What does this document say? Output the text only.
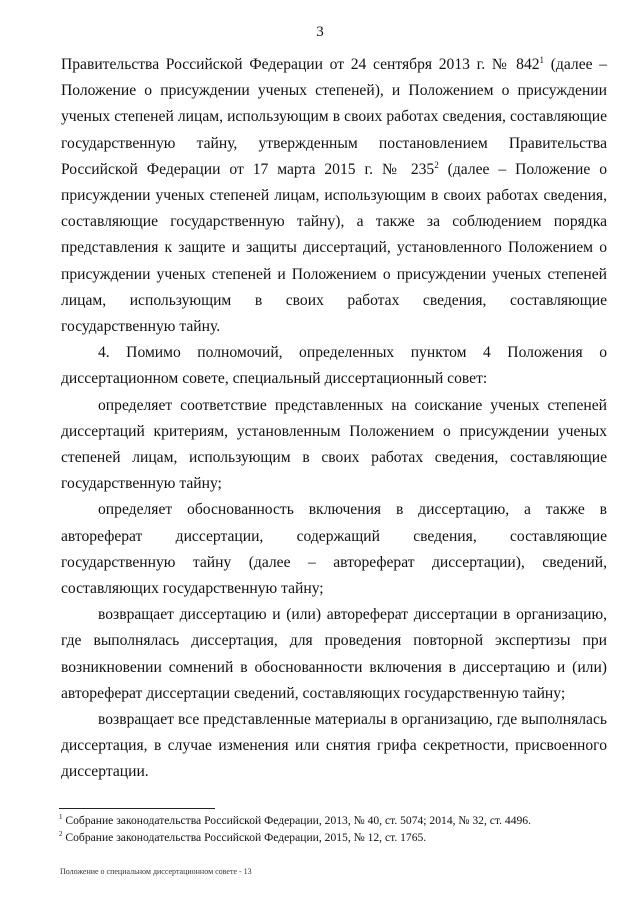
3

Правительства Российской Федерации от 24 сентября 2013 г. № $842^1$ (далее – Положение о присуждении ученых степеней), и Положением о присуждении ученых степеней лицам, использующим в своих работах сведения, составляющие государственную тайну, утвержденным постановлением Правительства Российской Федерации от 17 марта 2015 г. № $235^2$ (далее – Положение о присуждении ученых степеней лицам, использующим в своих работах сведения, составляющие государственную тайну), а также за соблюдением порядка представления к защите и защиты диссертаций, установленного Положением о присуждении ученых степеней и Положением о присуждении ученых степеней лицам, использующим в своих работах сведения, составляющие государственную тайну.

4. Помимо полномочий, определенных пунктом 4 Положения о диссертационном совете, специальный диссертационный совет:

определяет соответствие представленных на соискание ученых степеней диссертаций критериям, установленным Положением о присуждении ученых степеней лицам, использующим в своих работах сведения, составляющие государственную тайну;

определяет обоснованность включения в диссертацию, а также в автореферат диссертации, содержащий сведения, составляющие государственную тайну (далее – автореферат диссертации), сведений, составляющих государственную тайну;

возвращает диссертацию и (или) автореферат диссертации в организацию, где выполнялась диссертация, для проведения повторной экспертизы при возникновении сомнений в обоснованности включения в диссертацию и (или) автореферат диссертации сведений, составляющих государственную тайну;

возвращает все представленные материалы в организацию, где выполнялась диссертация, в случае изменения или снятия грифа секретности, присвоенного диссертации.

$^1$ Собрание законодательства Российской Федерации, 2013, № 40, ст. 5074; 2014, № 32, ст. 4496.
$^2$ Собрание законодательства Российской Федерации, 2015, № 12, ст. 1765.
Положение о специальном диссертационном совете - 13
